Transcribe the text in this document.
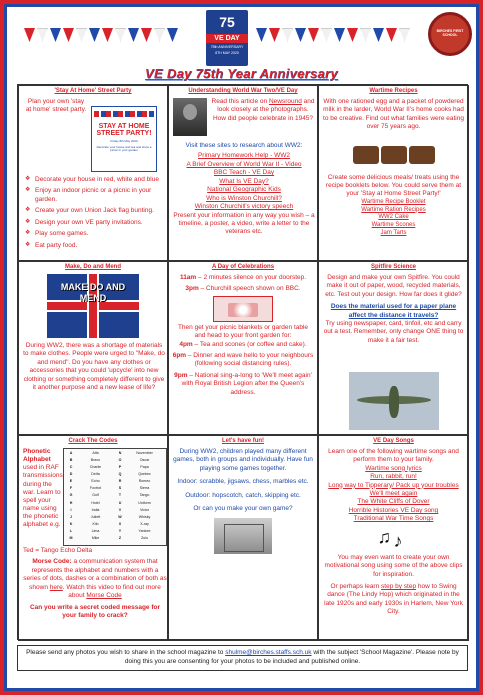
75
VE DAY
75th ANNIVERSARY
8TH MAY 2020
BIRCHES FIRST SCHOOL
VE Day 75th Year Anniversary
'Stay At Home' Street Party
Plan your own 'stay at home' street party.
STAY AT HOME STREET PARTY!
Friday 8th May 2020
Decorate your house and tea and show a picnic in your garden
❖ Decorate your house in red, white and blue
❖ Enjoy an indoor picnic or a picnic in your garden.
❖ Create your own Union Jack flag bunting.
❖ Design your own VE party invitations.
❖ Play some games.
❖ Eat party food.
Understanding World War Two/VE Day
Read this article on Newsround and look closely at the photographs. How did people celebrate in 1945?
Visit these sites to research about WW2:
Primary Homework Help - WW2
A Brief Overview of World War II - Video
BBC Teach - VE Day
What Is VE Day?
National Geographic Kids
Who is Winston Churchill?
Winston Churchill's victory speech
Present your information in any way you wish – a timeline, a poster, a video, write a letter to the veterans etc.
Wartime Recipes
With one rationed egg and a packet of powdered milk in the larder, World War II's home cooks had to be creative. Find out what families were eating over 75 years ago.
Create some delicious meals/ treats using the recipe booklets below. You could serve them at your 'Stay at Home Street Party!'
Wartime Recipe Booklet
Wartime Ration Recipes
WW2 Cake
Wartime Scones
Jam Tarts
Make, Do and Mend
MAKE DO AND MEND
During WW2, there was a shortage of materials to make clothes. People were urged to "Make, do and mend". Do you have any clothes or accessories that you could 'upcycle' into new clothing or something completely different to give it another purpose and a new lease of life?
A Day of Celebrations
11am – 2 minutes silence on your doorstep.
3pm – Churchill speech shown on BBC.
Then get your picnic blankets or garden table and head to your front garden for:
4pm – Tea and scones (or coffee and cake).
6pm – Dinner and wave hello to your neighbours (following social distancing rules).
9pm – National sing-a-long to 'We'll meet again' with Royal British Legion after the Queen's address.
Spitfire Science
Design and make your own Spitfire. You could make it out of paper, wood, recycled materials, etc. Test out your design. How far does it glide?
Does the material used for a paper plane affect the distance it travels?
Try using newspaper, card, tinfoil, etc and carry out a test. Remember, only change ONE thing to make it a fair test.
Crack The Codes
Phonetic Alphabet
used in RAF transmissions during the war. Learn to spell your name using the phonetic alphabet e.g.
A	Alfa
B	Bravo
C	Charlie
D	Delta
E	Echo
F	Foxtrot
G	Golf
H	Hotel
I	India
J	Juliett
K	Kilo
L	Lima
M	Mike
N	November
O	Oscar
P	Papa
Q	Quebec
R	Romeo
S	Sierra
T	Tango
U	Uniform
V	Victor
W	Whisky
X	X-ray
Y	Yankee
Z	Zulu
Ted = Tango Echo Delta
Morse Code: a communication system that represents the alphabet and numbers with a series of dots, dashes or a combination of both as shown here. Watch this video to find out more about Morse Code
Can you write a secret coded message for your family to crack?
Let's have fun!

During WW2, children played many different games, both in groups and individually. Have fun playing some games together.

Indoor: scrabble, jigsaws, chess, marbles etc.

Outdoor: hopscotch, catch, skipping etc.

Or can you make your own game?

VE Day Songs
Learn one of the following wartime songs and perform them to your family.
Wartime song lyrics
Run, rabbit, run!
Long way to Tipperary/ Pack up your troubles
We'll meet again
The White Cliffs of Dover
Horrible Histories VE Day song
Traditional War Time Songs
♫ ♪
You may even want to create your own motivational song using some of the above clips for inspiration.
Or perhaps learn step by step how to Swing dance (The Lindy Hop) which originated in the late 1920s and early 1930s in Harlem, New York City.
Please send any photos you wish to share in the school magazine to shulme@birches.staffs.sch.uk with the subject 'School Magazine'. Please note by doing this you are consenting for your photos to be included and published online.
